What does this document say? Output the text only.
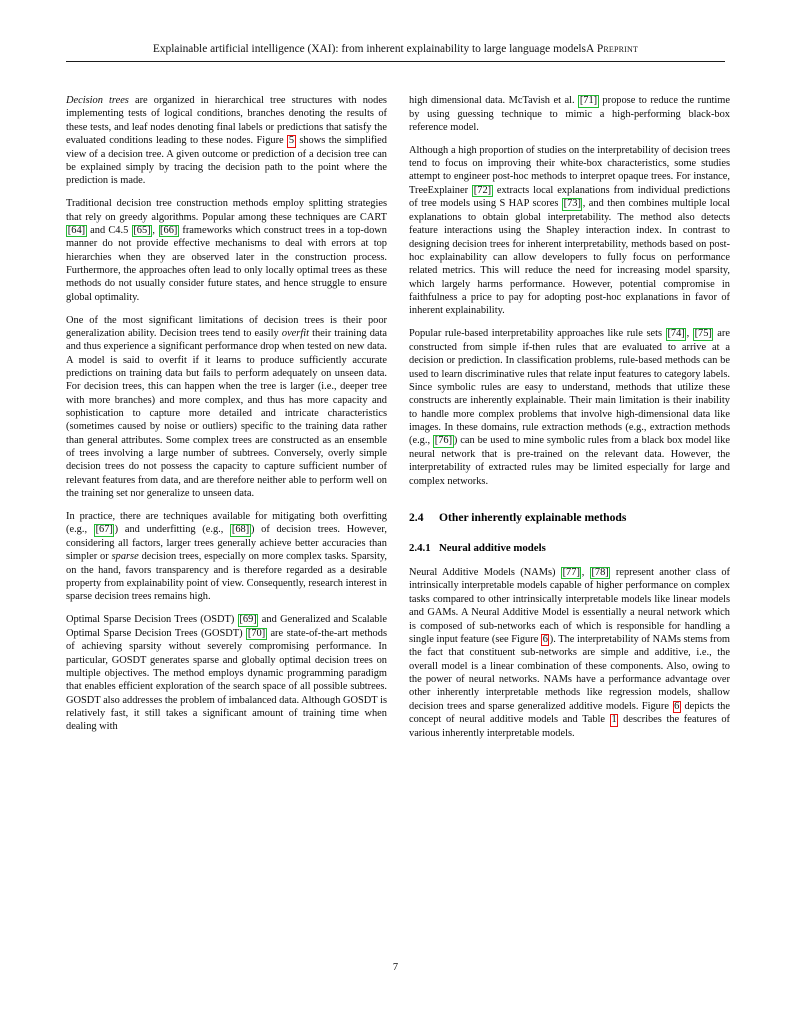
Explainable artificial intelligence (XAI): from inherent explainability to large language modelsA Preprint

Decision trees are organized in hierarchical tree structures with nodes implementing tests of logical conditions, branches denoting the results of these tests, and leaf nodes denoting final labels or predictions that satisfy the evaluated conditions leading to these nodes. Figure 5 shows the simplified view of a decision tree. A given outcome or prediction of a decision tree can be explained simply by tracing the decision path to the point where the prediction is made.

Traditional decision tree construction methods employ splitting strategies that rely on greedy algorithms. Popular among these techniques are CART [64] and C4.5 [65] , [66] frameworks which construct trees in a top-down manner do not provide effective mechanisms to deal with errors at top hierarchies when they are observed later in the construction process. Furthermore, the approaches often lead to only locally optimal trees as these methods do not usually consider future states, and hence struggle to ensure global optimality.

One of the most significant limitations of decision trees is their poor generalization ability. Decision trees tend to easily overfit their training data and thus experience a significant performance drop when tested on new data. A model is said to overfit if it learns to produce sufficiently accurate predictions on training data but fails to perform adequately on unseen data. For decision trees, this can happen when the tree is larger (i.e., deeper tree with more branches) and more complex, and thus has more capacity and sophistication to capture more detailed and intricate characteristics (sometimes caused by noise or outliers) specific to the training data rather than general attributes. Some complex trees are constructed as an ensemble of trees involving a large number of subtrees. Conversely, overly simple decision trees do not possess the capacity to capture sufficient number of relevant features from data, and are therefore neither able to perform well on the training set nor generalize to unseen data.

In practice, there are techniques available for mitigating both overfitting (e.g., [67] ) and underfitting (e.g., [68] ) of decision trees. However, considering all factors, larger trees generally achieve better accuracies than simpler or sparse decision trees, especially on more complex tasks. Sparsity, on the hand, favors transparency and is therefore regarded as a desirable property from explainability point of view. Consequently, research interest in sparse decision trees remains high.

Optimal Sparse Decision Trees (OSDT) [69] and Generalized and Scalable Optimal Sparse Decision Trees (GOSDT) [70] are state-of-the-art methods of achieving sparsity without severely compromising performance. In particular, GOSDT generates sparse and globally optimal decision trees on multiple objectives. The method employs dynamic programming paradigm that enables efficient exploration of the search space of all possible subtrees. GOSDT also addresses the problem of imbalanced data. Although GOSDT is relatively fast, it still takes a significant amount of training time when dealing with

high dimensional data. McTavish et al. [71] propose to reduce the runtime by using guessing technique to mimic a high-performing black-box reference model.

Although a high proportion of studies on the interpretability of decision trees tend to focus on improving their white-box characteristics, some studies attempt to engineer post-hoc methods to interpret opaque trees. For instance, TreeExplainer [72] extracts local explanations from individual predictions of tree models using S HAP scores [73] , and then combines multiple local explanations to obtain global interpretability. The method also detects feature interactions using the Shapley interaction index. In contrast to designing decision trees for inherent interpretability, methods based on post-hoc explainability can allow developers to fully focus on performance related metrics. This will reduce the need for increasing model sparsity, which largely harms performance. However, potential compromise in faithfulness a price to pay for adopting post-hoc explanations in favor of inherent explainability.

Popular rule-based interpretability approaches like rule sets [74] , [75] are constructed from simple if-then rules that are evaluated to arrive at a decision or prediction. In classification problems, rule-based methods can be used to learn discriminative rules that relate input features to category labels. Since symbolic rules are easy to understand, methods that utilize these constructs are inherently explainable. Their main limitation is their inability to handle more complex problems that involve high-dimensional data like images. In these domains, rule extraction methods (e.g., extraction methods (e.g., [76] ) can be used to mine symbolic rules from a black box model like neural network that is pre-trained on the relevant data. However, the interpretability of extracted rules may be limited especially for large and complex networks.

2.4 Other inherently explainable methods
2.4.1 Neural additive models

Neural Additive Models (NAMs) [77] , [78] represent another class of intrinsically interpretable models capable of higher performance on complex tasks compared to other intrinsically interpretable models like linear models and GAMs. A Neural Additive Model is essentially a neural network which is composed of sub-networks each of which is responsible for handling a single input feature (see Figure 6 ). The interpretability of NAMs stems from the fact that constituent sub-networks are simple and additive, i.e., the overall model is a linear combination of these components. Also, owing to the power of neural networks. NAMs have a performance advantage over other inherently interpretable methods like regression models, shallow decision trees and sparse generalized additive models. Figure 6 depicts the concept of neural additive models and Table 1 describes the features of various inherently interpretable models.

7
